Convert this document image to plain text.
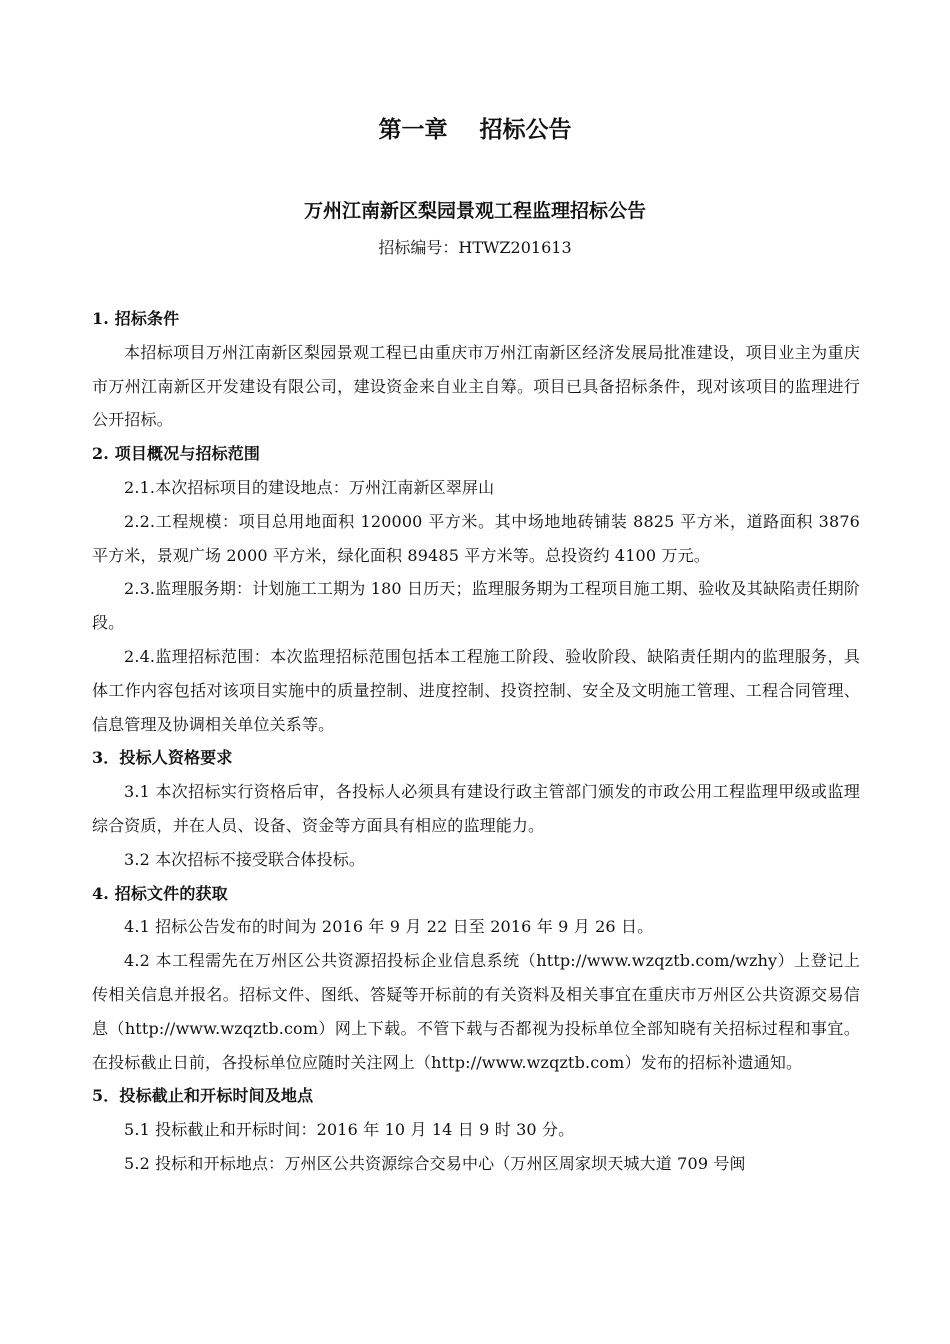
第一章    招标公告
万州江南新区梨园景观工程监理招标公告
招标编号：HTWZ201613

1. 招标条件

本招标项目万州江南新区梨园景观工程已由重庆市万州江南新区经济发展局批准建设，项目业主为重庆市万州江南新区开发建设有限公司，建设资金来自业主自筹。项目已具备招标条件，现对该项目的监理进行公开招标。

2. 项目概况与招标范围

2.1.本次招标项目的建设地点：万州江南新区翠屏山

2.2.工程规模：项目总用地面积 120000 平方米。其中场地地砖铺装 8825 平方米，道路面积 3876 平方米，景观广场 2000 平方米，绿化面积 89485 平方米等。总投资约 4100 万元。

2.3.监理服务期：计划施工工期为 180 日历天；监理服务期为工程项目施工期、验收及其缺陷责任期阶段。

2.4.监理招标范围：本次监理招标范围包括本工程施工阶段、验收阶段、缺陷责任期内的监理服务，具体工作内容包括对该项目实施中的质量控制、进度控制、投资控制、安全及文明施工管理、工程合同管理、信息管理及协调相关单位关系等。

3．投标人资格要求

3.1 本次招标实行资格后审，各投标人必须具有建设行政主管部门颁发的市政公用工程监理甲级或监理综合资质，并在人员、设备、资金等方面具有相应的监理能力。

3.2 本次招标不接受联合体投标。

4. 招标文件的获取

4.1 招标公告发布的时间为 2016 年 9 月 22 日至 2016 年 9 月 26 日。

4.2 本工程需先在万州区公共资源招投标企业信息系统（http://www.wzqztb.com/wzhy）上登记上传相关信息并报名。招标文件、图纸、答疑等开标前的有关资料及相关事宜在重庆市万州区公共资源交易信息（http://www.wzqztb.com）网上下载。不管下载与否都视为投标单位全部知晓有关招标过程和事宜。在投标截止日前，各投标单位应随时关注网上（http://www.wzqztb.com）发布的招标补遗通知。

5．投标截止和开标时间及地点

5.1 投标截止和开标时间：2016 年 10 月 14 日 9 时 30 分。

5.2 投标和开标地点：万州区公共资源综合交易中心（万州区周家坝天城大道 709 号闽
